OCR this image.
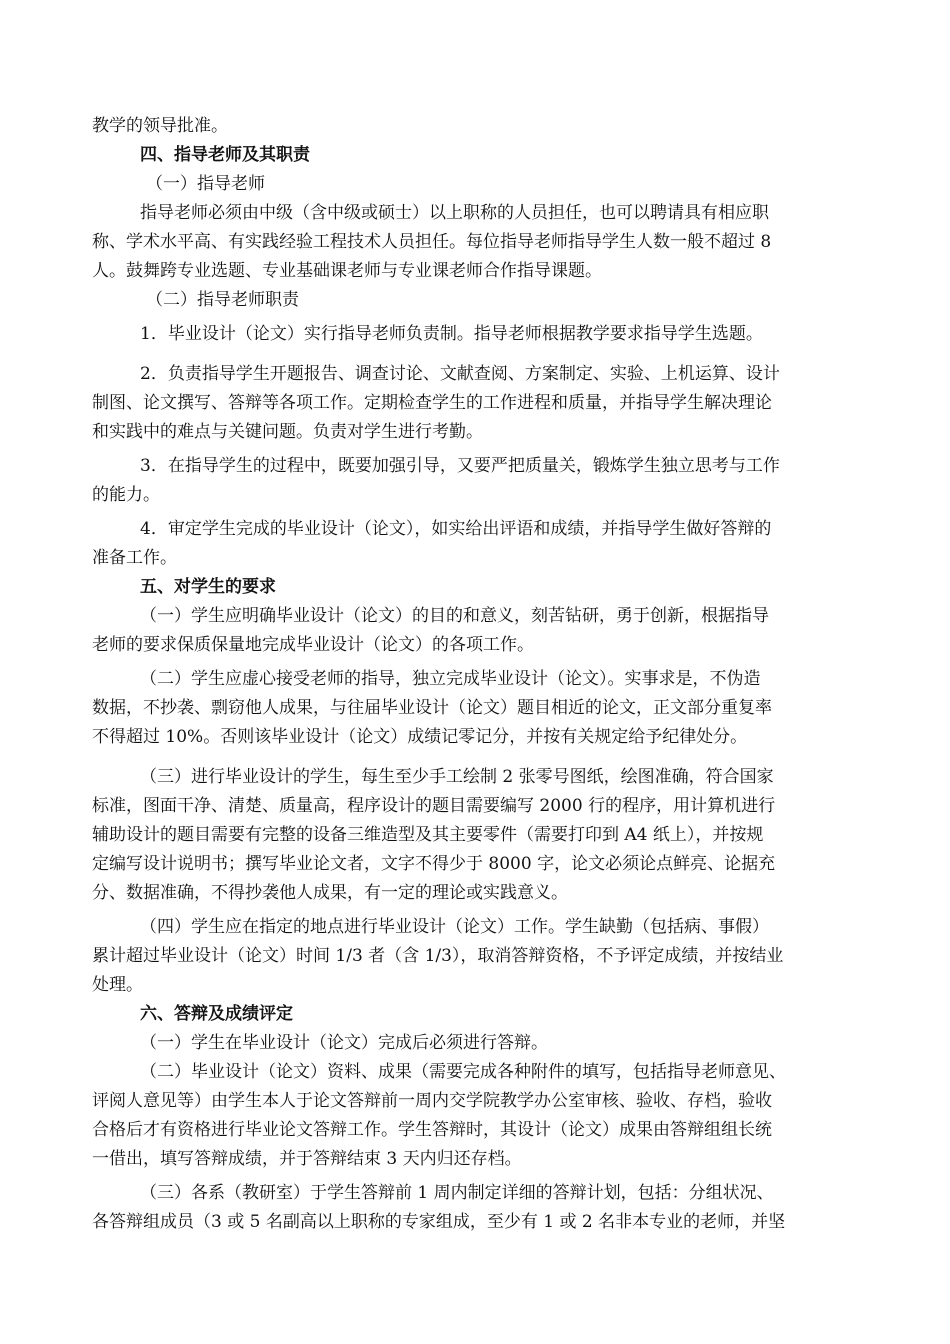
教学的领导批准。
四、指导老师及其职责
（一）指导老师
指导老师必须由中级（含中级或硕士）以上职称的人员担任，也可以聘请具有相应职
称、学术水平高、有实践经验工程技术人员担任。每位指导老师指导学生人数一般不超过 8
人。鼓舞跨专业选题、专业基础课老师与专业课老师合作指导课题。
（二）指导老师职责
1．毕业设计（论文）实行指导老师负责制。指导老师根据教学要求指导学生选题。
2．负责指导学生开题报告、调查讨论、文献查阅、方案制定、实验、上机运算、设计
制图、论文撰写、答辩等各项工作。定期检查学生的工作进程和质量，并指导学生解决理论
和实践中的难点与关键问题。负责对学生进行考勤。
3．在指导学生的过程中，既要加强引导，又要严把质量关，锻炼学生独立思考与工作
的能力。
4．审定学生完成的毕业设计（论文），如实给出评语和成绩，并指导学生做好答辩的
准备工作。
五、对学生的要求
（一）学生应明确毕业设计（论文）的目的和意义，刻苦钻研，勇于创新，根据指导
老师的要求保质保量地完成毕业设计（论文）的各项工作。
（二）学生应虚心接受老师的指导，独立完成毕业设计（论文）。实事求是，不伪造
数据，不抄袭、剽窃他人成果，与往届毕业设计（论文）题目相近的论文，正文部分重复率
不得超过 10%。否则该毕业设计（论文）成绩记零记分，并按有关规定给予纪律处分。
（三）进行毕业设计的学生，每生至少手工绘制 2 张零号图纸，绘图准确，符合国家
标准，图面干净、清楚、质量高，程序设计的题目需要编写 2000 行的程序，用计算机进行
辅助设计的题目需要有完整的设备三维造型及其主要零件（需要打印到 A4 纸上），并按规
定编写设计说明书；撰写毕业论文者，文字不得少于 8000 字，论文必须论点鲜亮、论据充
分、数据准确，不得抄袭他人成果，有一定的理论或实践意义。
（四）学生应在指定的地点进行毕业设计（论文）工作。学生缺勤（包括病、事假）
累计超过毕业设计（论文）时间 1/3 者（含 1/3），取消答辩资格，不予评定成绩，并按结业
处理。
六、答辩及成绩评定
（一）学生在毕业设计（论文）完成后必须进行答辩。
（二）毕业设计（论文）资料、成果（需要完成各种附件的填写，包括指导老师意见、
评阅人意见等）由学生本人于论文答辩前一周内交学院教学办公室审核、验收、存档，验收
合格后才有资格进行毕业论文答辩工作。学生答辩时，其设计（论文）成果由答辩组组长统
一借出，填写答辩成绩，并于答辩结束 3 天内归还存档。
（三）各系（教研室）于学生答辩前 1 周内制定详细的答辩计划，包括：分组状况、
各答辩组成员（3 或 5 名副高以上职称的专家组成，至少有 1 或 2 名非本专业的老师，并坚
